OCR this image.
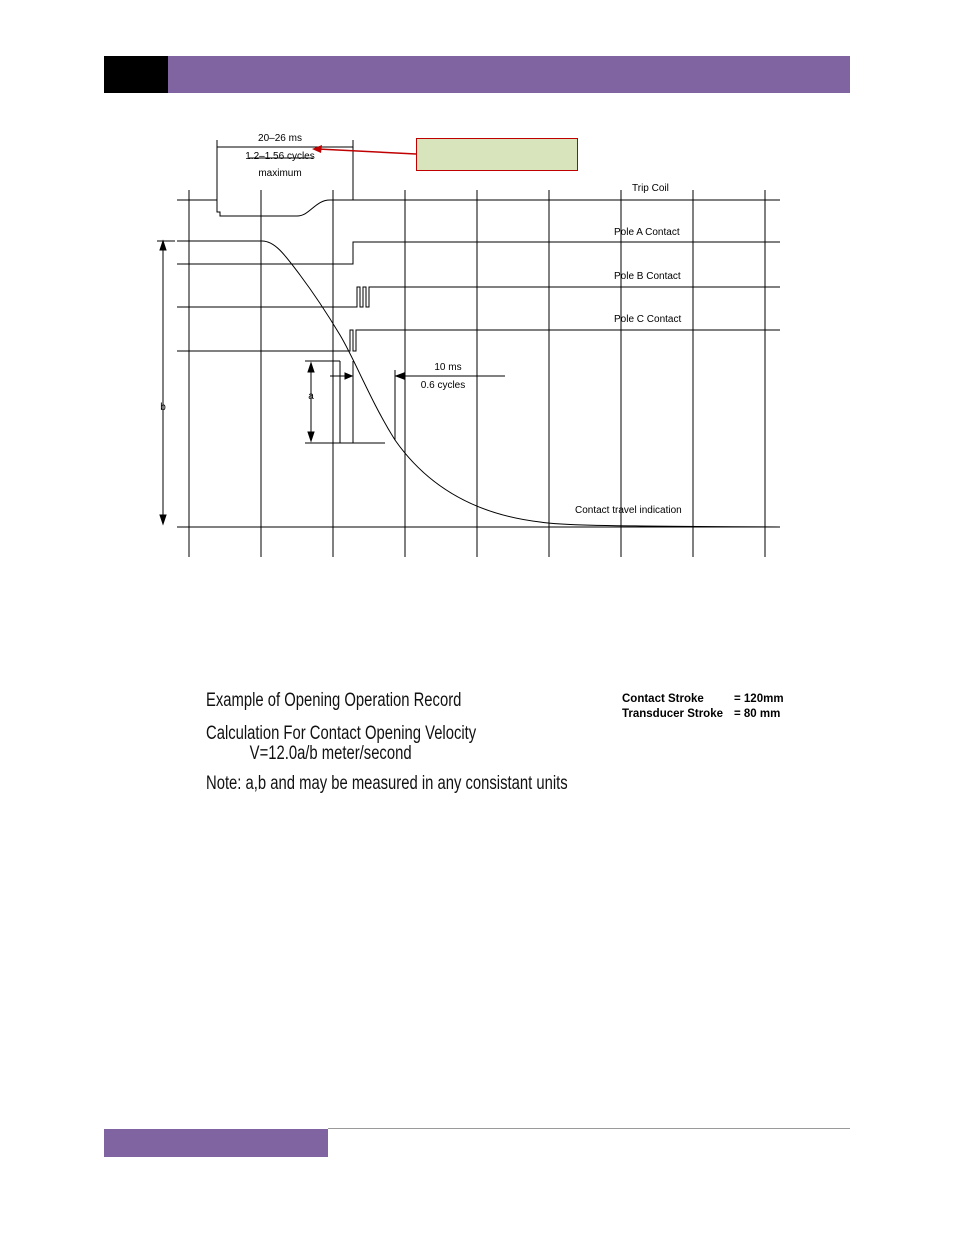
20–26 ms
1.2–1.56 cycles
maximum
Trip Coil
Pole A Contact
Pole B Contact
Pole C Contact
Contact travel indication
b
a
10 ms
0.6 cycles
Example of Opening Operation Record
Calculation For Contact Opening Velocity
V=12.0a/b meter/second
Note: a,b and may be measured in any consistant units
Contact Stroke	= 120mm
Transducer Stroke = 80 mm
